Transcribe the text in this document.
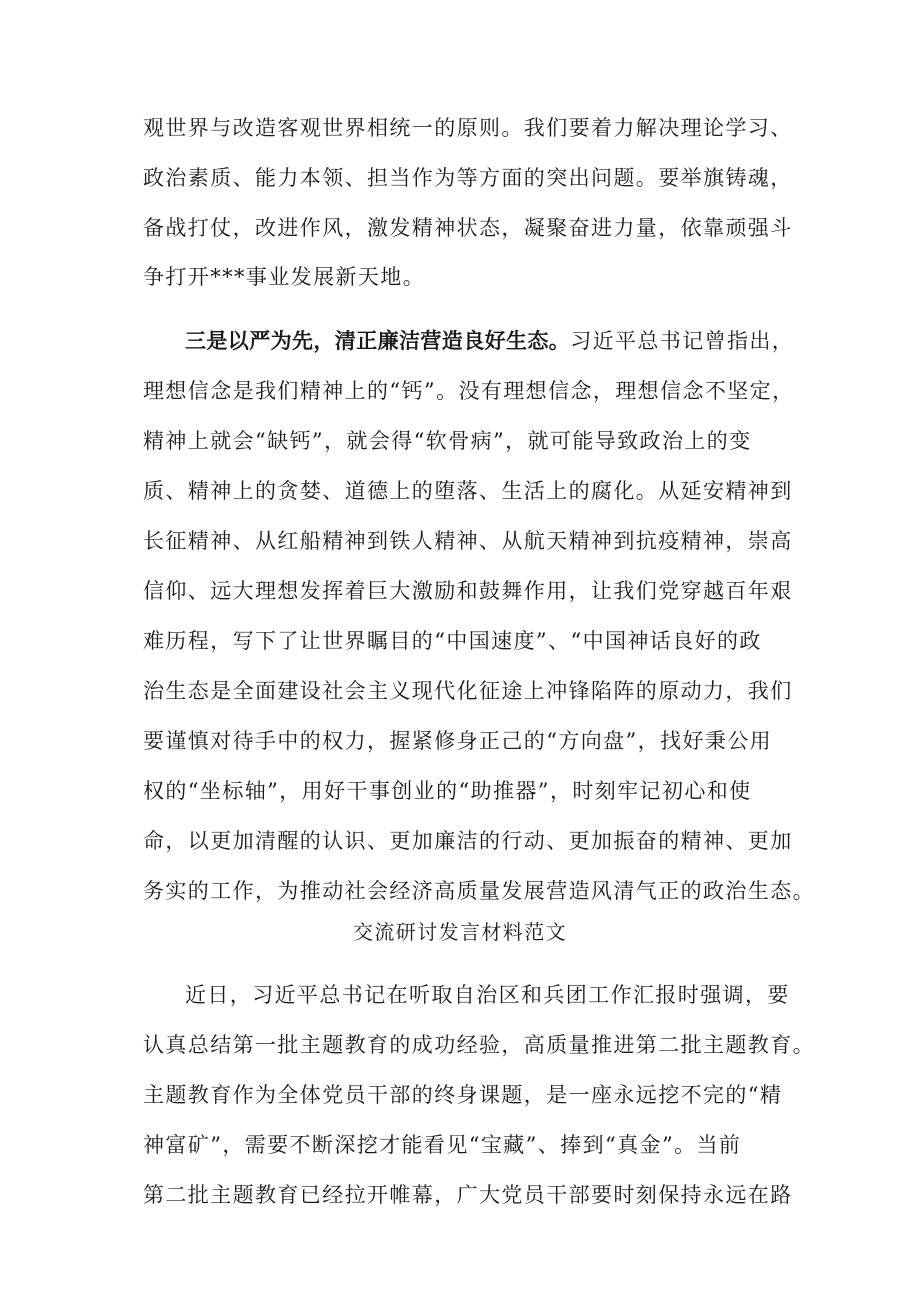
观世界与改造客观世界相统一的原则。我们要着力解决理论学习、
政治素质、能力本领、担当作为等方面的突出问题。要举旗铸魂，
备战打仗，改进作风，激发精神状态，凝聚奋进力量，依靠顽强斗
争打开***事业发展新天地。
三是以严为先，清正廉洁营造良好生态。习近平总书记曾指出，
理想信念是我们精神上的“钙”。没有理想信念，理想信念不坚定，
精神上就会“缺钙”，就会得“软骨病”，就可能导致政治上的变
质、精神上的贪婪、道德上的堕落、生活上的腐化。从延安精神到
长征精神、从红船精神到铁人精神、从航天精神到抗疫精神，崇高
信仰、远大理想发挥着巨大激励和鼓舞作用，让我们党穿越百年艰
难历程，写下了让世界瞩目的“中国速度”、“中国神话良好的政
治生态是全面建设社会主义现代化征途上冲锋陷阵的原动力，我们
要谨慎对待手中的权力，握紧修身正己的“方向盘”，找好秉公用
权的“坐标轴”，用好干事创业的“助推器”，时刻牢记初心和使
命，以更加清醒的认识、更加廉洁的行动、更加振奋的精神、更加
务实的工作，为推动社会经济高质量发展营造风清气正的政治生态。
交流研讨发言材料范文
近日，习近平总书记在听取自治区和兵团工作汇报时强调，要
认真总结第一批主题教育的成功经验，高质量推进第二批主题教育。
主题教育作为全体党员干部的终身课题，是一座永远挖不完的“精
神富矿”，需要不断深挖才能看见“宝藏”、捧到“真金”。当前
第二批主题教育已经拉开帷幕，广大党员干部要时刻保持永远在路
